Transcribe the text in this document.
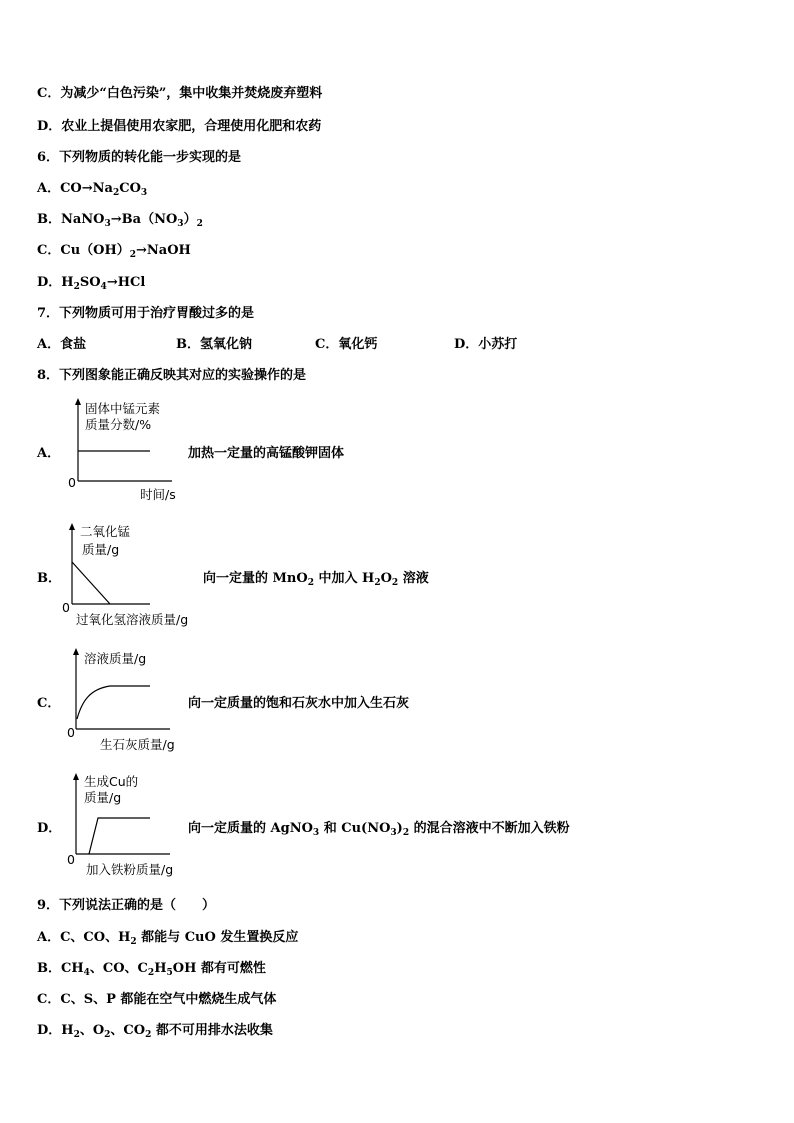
C．为减少“白色污染”，集中收集并焚烧废弃塑料
D．农业上提倡使用农家肥，合理使用化肥和农药
6．下列物质的转化能一步实现的是
A．$CO\to Na_2CO_3$
B．$NaNO_3\to Ba(NO_3)_2$
C．$Cu(OH)_2\to NaOH$
D．$H_2SO_4\to HCl$
7．下列物质可用于治疗胃酸过多的是
A．食盐	B．氢氧化钠	C．氧化钙	D．小苏打
8．下列图象能正确反映其对应的实验操作的是
A．
固体中锰元素
质量分数/%
0
时间/s
加热一定量的高锰酸钾固体
B．
二氧化锰
质量/g
0
过氧化氢溶液质量/g
向一定量的 MnO$_2$ 中加入 $H_2O_2$ 溶液
C．
溶液质量/g
0
生石灰质量/g
向一定质量的饱和石灰水中加入生石灰
D．
生成Cu的
质量/g
0
加入铁粉质量/g
向一定质量的 AgNO$_3$ 和 $Cu(NO_3)_2$ 的混合溶液中不断加入铁粉
9．下列说法正确的是（　　）
A．C、CO、$H_2$ 都能与 CuO 发生置换反应
B．$CH_4$、CO、$C_2H_5OH$ 都有可燃性
C．C、S、P 都能在空气中燃烧生成气体
D．$H_2$、$O_2$、$CO_2$ 都不可用排水法收集
